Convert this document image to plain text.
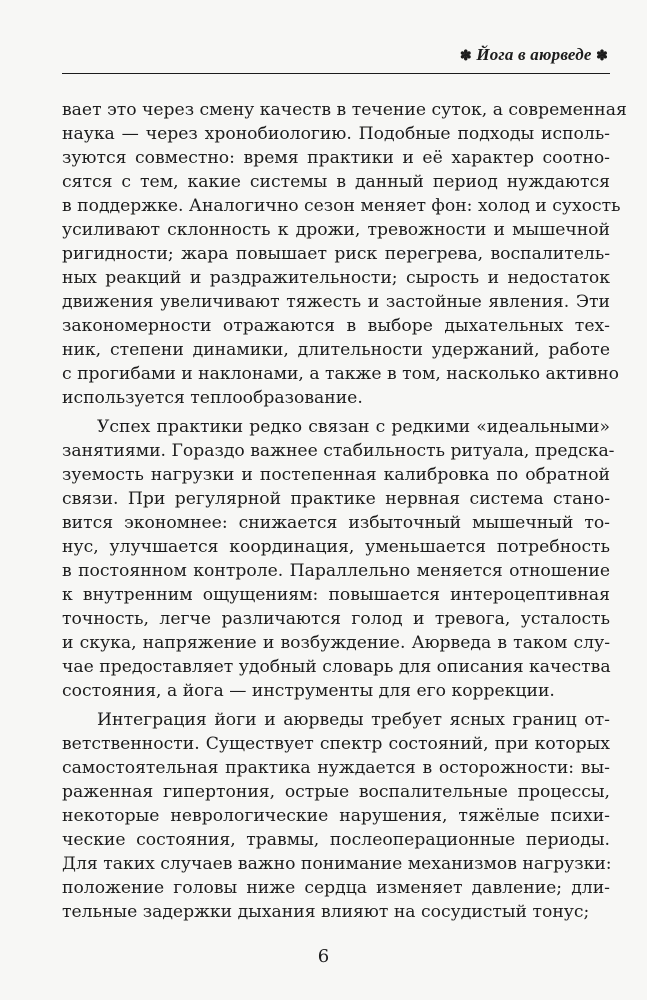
✽ Йога в аюрведе ✽
вает это через смену качеств в течение суток, а современная
наука — через хронобиологию. Подобные подходы исполь-
зуются совместно: время практики и её характер соотно-
сятся с тем, какие системы в данный период нуждаются
в поддержке. Аналогично сезон меняет фон: холод и сухость
усиливают склонность к дрожи, тревожности и мышечной
ригидности; жара повышает риск перегрева, воспалитель-
ных реакций и раздражительности; сырость и недостаток
движения увеличивают тяжесть и застойные явления. Эти
закономерности отражаются в выборе дыхательных тех-
ник, степени динамики, длительности удержаний, работе
с прогибами и наклонами, а также в том, насколько активно
используется теплообразование.
Успех практики редко связан с редкими «идеальными»
занятиями. Гораздо важнее стабильность ритуала, предска-
зуемость нагрузки и постепенная калибровка по обратной
связи. При регулярной практике нервная система стано-
вится экономнее: снижается избыточный мышечный то-
нус, улучшается координация, уменьшается потребность
в постоянном контроле. Параллельно меняется отношение
к внутренним ощущениям: повышается интероцептивная
точность, легче различаются голод и тревога, усталость
и скука, напряжение и возбуждение. Аюрведа в таком слу-
чае предоставляет удобный словарь для описания качества
состояния, а йога — инструменты для его коррекции.
Интеграция йоги и аюрведы требует ясных границ от-
ветственности. Существует спектр состояний, при которых
самостоятельная практика нуждается в осторожности: вы-
раженная гипертония, острые воспалительные процессы,
некоторые неврологические нарушения, тяжёлые психи-
ческие состояния, травмы, послеоперационные периоды.
Для таких случаев важно понимание механизмов нагрузки:
положение головы ниже сердца изменяет давление; дли-
тельные задержки дыхания влияют на сосудистый тонус;
6
